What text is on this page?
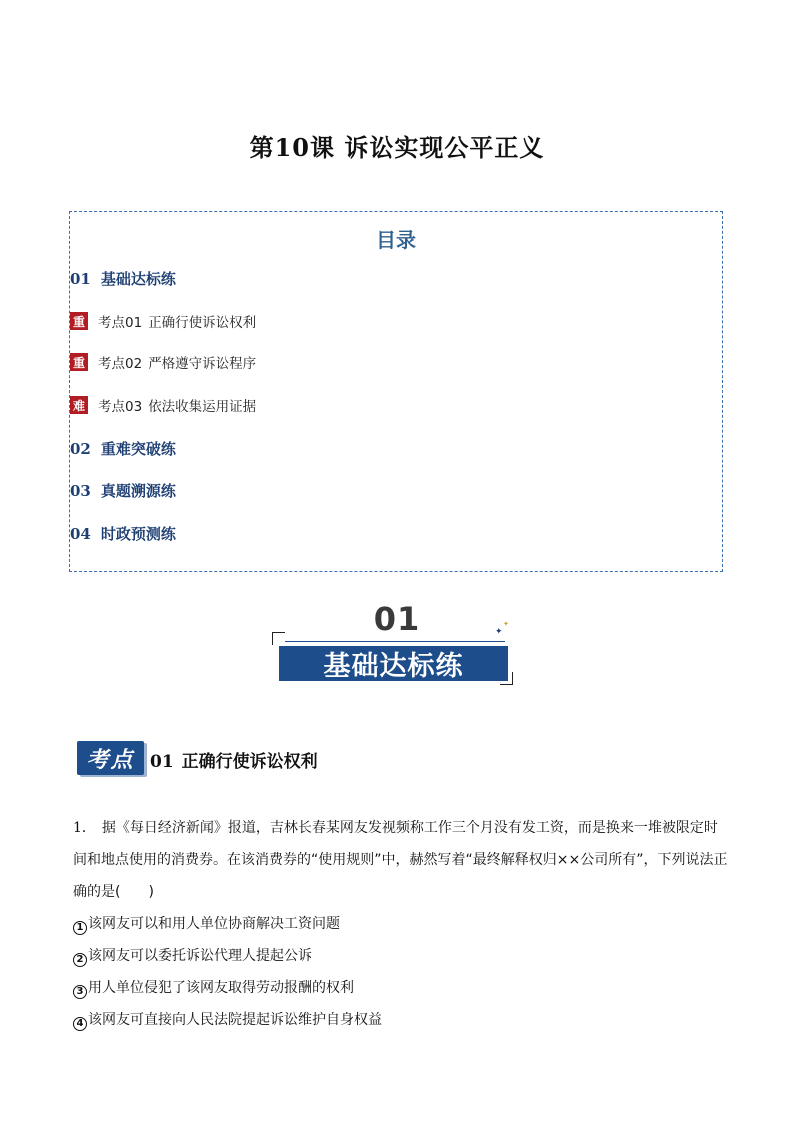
第10课 诉讼实现公平正义
目录
01 基础达标练
重 考点01 正确行使诉讼权利
重 考点02 严格遵守诉讼程序
难 考点03 依法收集运用证据
02 重难突破练
03 真题溯源练
04 时政预测练
01
基础达标练
✦
✦
考点 01 正确行使诉讼权利
1． 据《每日经济新闻》报道，吉林长春某网友发视频称工作三个月没有发工资，而是换来一堆被限定时间和地点使用的消费券。在该消费券的“使用规则”中，赫然写着“最终解释权归××公司所有”，下列说法正确的是(　　)
1 该网友可以和用人单位协商解决工资问题
2 该网友可以委托诉讼代理人提起公诉
3 用人单位侵犯了该网友取得劳动报酬的权利
4 该网友可直接向人民法院提起诉讼维护自身权益
